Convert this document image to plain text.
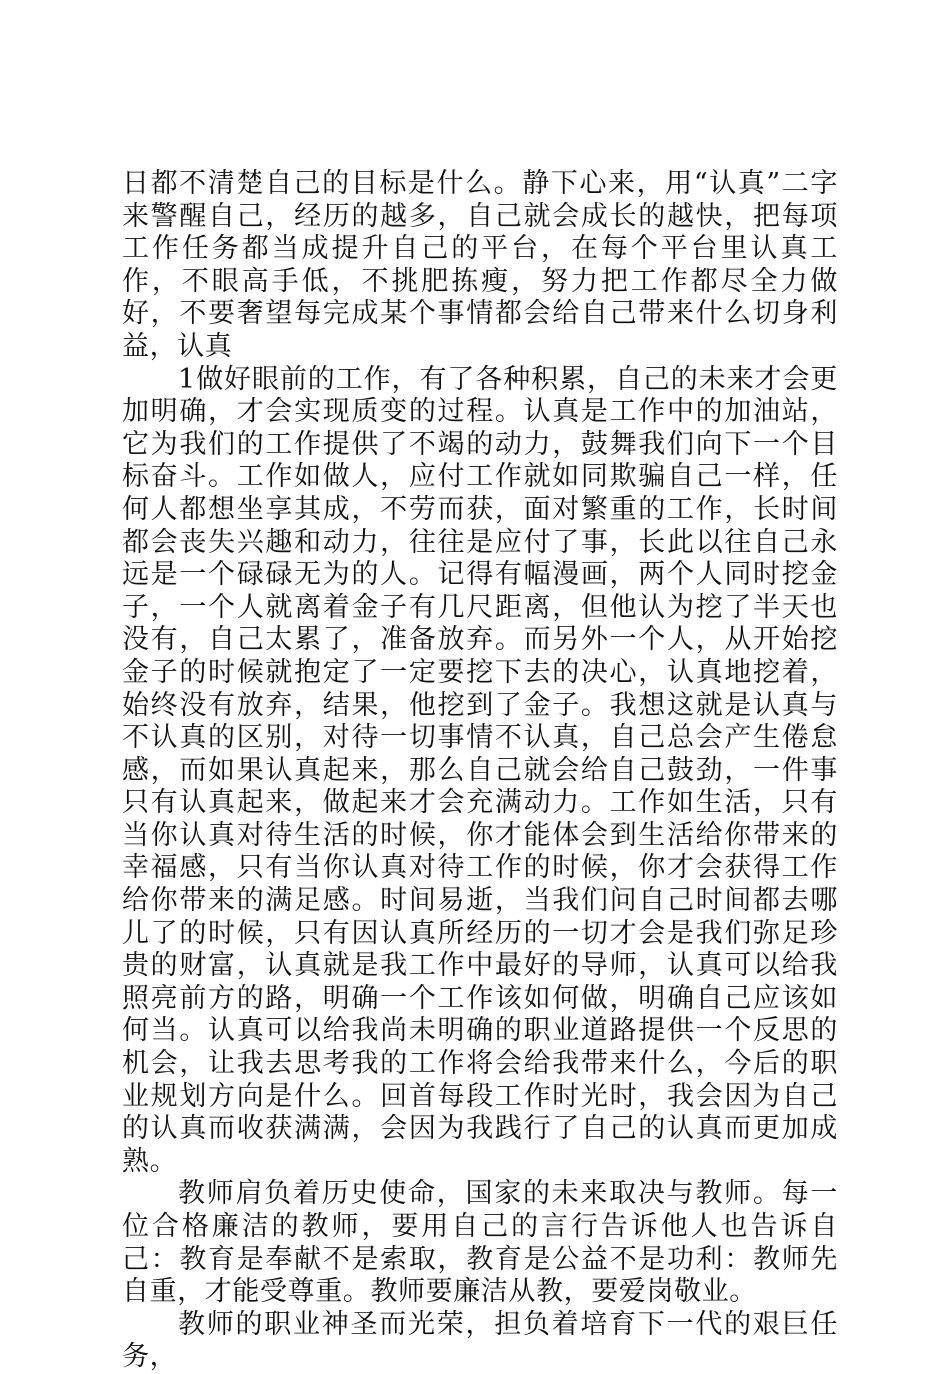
日都不清楚自己的目标是什么。静下心来，用“认真”二字来警醒自己，经历的越多，自己就会成长的越快，把每项工作任务都当成提升自己的平台，在每个平台里认真工作，不眼高手低，不挑肥拣瘦，努力把工作都尽全力做好，不要奢望每完成某个事情都会给自己带来什么切身利益，认真

1做好眼前的工作，有了各种积累，自己的未来才会更加明确，才会实现质变的过程。认真是工作中的加油站，它为我们的工作提供了不竭的动力，鼓舞我们向下一个目标奋斗。工作如做人，应付工作就如同欺骗自己一样，任何人都想坐享其成，不劳而获，面对繁重的工作，长时间都会丧失兴趣和动力，往往是应付了事，长此以往自己永远是一个碌碌无为的人。记得有幅漫画，两个人同时挖金子，一个人就离着金子有几尺距离，但他认为挖了半天也没有，自己太累了，准备放弃。而另外一个人，从开始挖金子的时候就抱定了一定要挖下去的决心，认真地挖着，始终没有放弃，结果，他挖到了金子。我想这就是认真与不认真的区别，对待一切事情不认真，自己总会产生倦怠感，而如果认真起来，那么自己就会给自己鼓劲，一件事只有认真起来，做起来才会充满动力。工作如生活，只有当你认真对待生活的时候，你才能体会到生活给你带来的幸福感，只有当你认真对待工作的时候，你才会获得工作给你带来的满足感。时间易逝，当我们问自己时间都去哪儿了的时候，只有因认真所经历的一切才会是我们弥足珍贵的财富，认真就是我工作中最好的导师，认真可以给我照亮前方的路，明确一个工作该如何做，明确自己应该如何当。认真可以给我尚未明确的职业道路提供一个反思的机会，让我去思考我的工作将会给我带来什么，今后的职业规划方向是什么。回首每段工作时光时，我会因为自己的认真而收获满满，会因为我践行了自己的认真而更加成熟。

教师肩负着历史使命，国家的未来取决与教师。每一位合格廉洁的教师，要用自己的言行告诉他人也告诉自己：教育是奉献不是索取，教育是公益不是功利：教师先自重，才能受尊重。教师要廉洁从教，要爱岗敬业。

教师的职业神圣而光荣，担负着培育下一代的艰巨任务，
